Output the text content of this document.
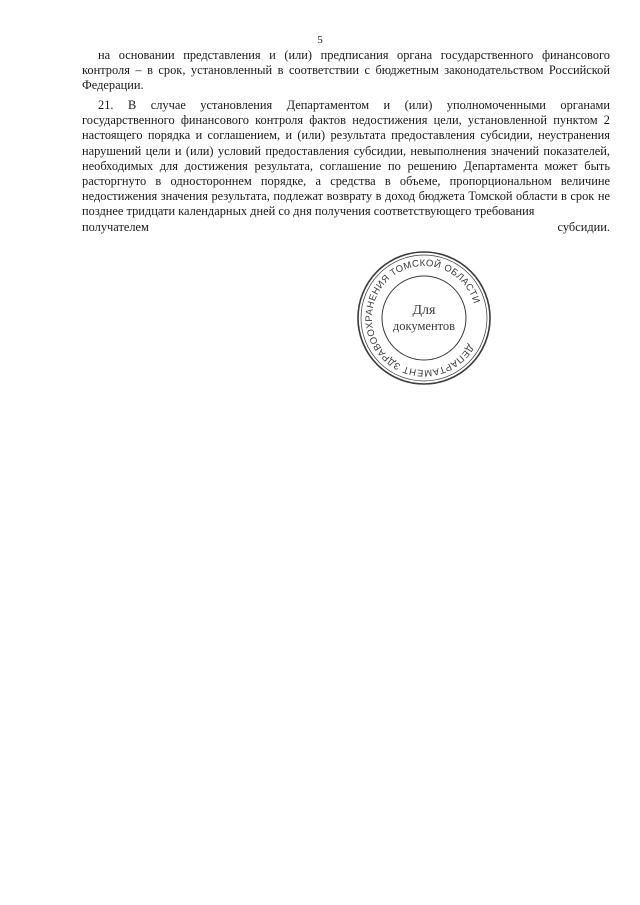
5

на основании представления и (или) предписания органа государственного финансового контроля – в срок, установленный в соответствии с бюджетным законодательством Российской Федерации.

21. В случае установления Департаментом и (или) уполномоченными органами государственного финансового контроля фактов недостижения цели, установленной пунктом 2 настоящего порядка и соглашением, и (или) результата предоставления субсидии, неустранения нарушений цели и (или) условий предоставления субсидии, невыполнения значений показателей, необходимых для достижения результата, соглашение по решению Департамента может быть расторгнуто в одностороннем порядке, а средства в объеме, пропорциональном величине недостижения значения результата, подлежат возврату в доход бюджета Томской области в срок не позднее тридцати календарных дней со дня получения соответствующего требования

получателем	субсидии.
ДЕПАРТАМЕНТ ЗДРАВООХРАНЕНИЯ ТОМСКОЙ ОБЛАСТИ
Для
документов
